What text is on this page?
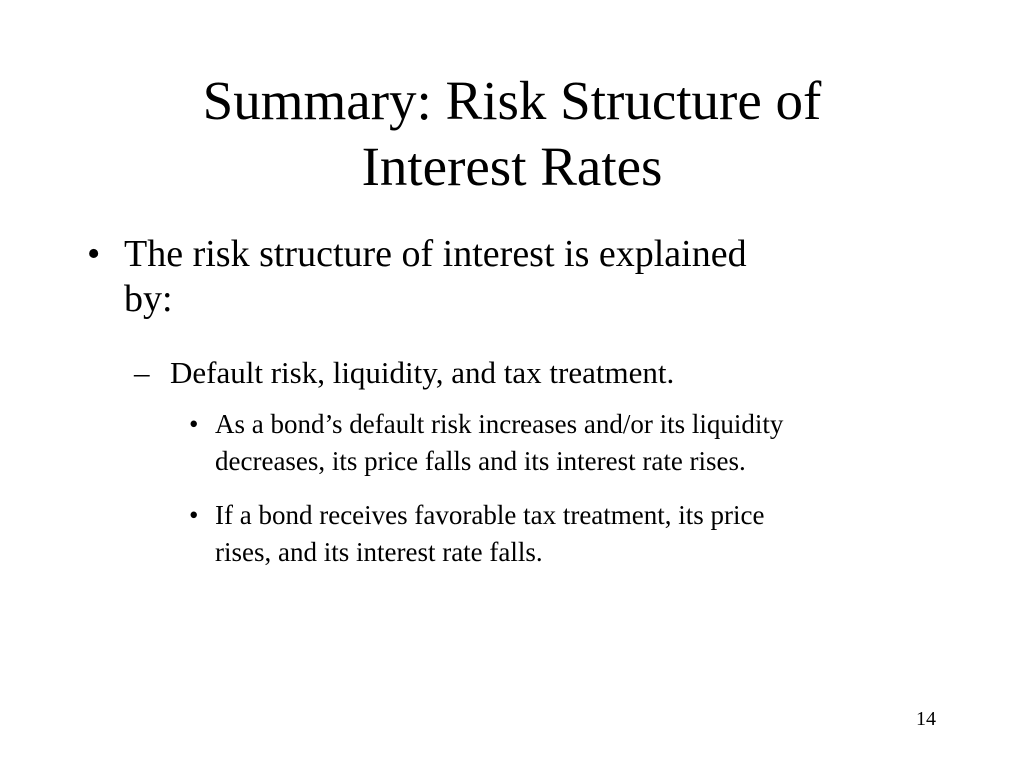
Summary: Risk Structure of
Interest Rates
• The risk structure of interest is explained
by:
– Default risk, liquidity, and tax treatment.
• As a bond’s default risk increases and/or its liquidity
decreases, its price falls and its interest rate rises.
• If a bond receives favorable tax treatment, its price
rises, and its interest rate falls.
14
